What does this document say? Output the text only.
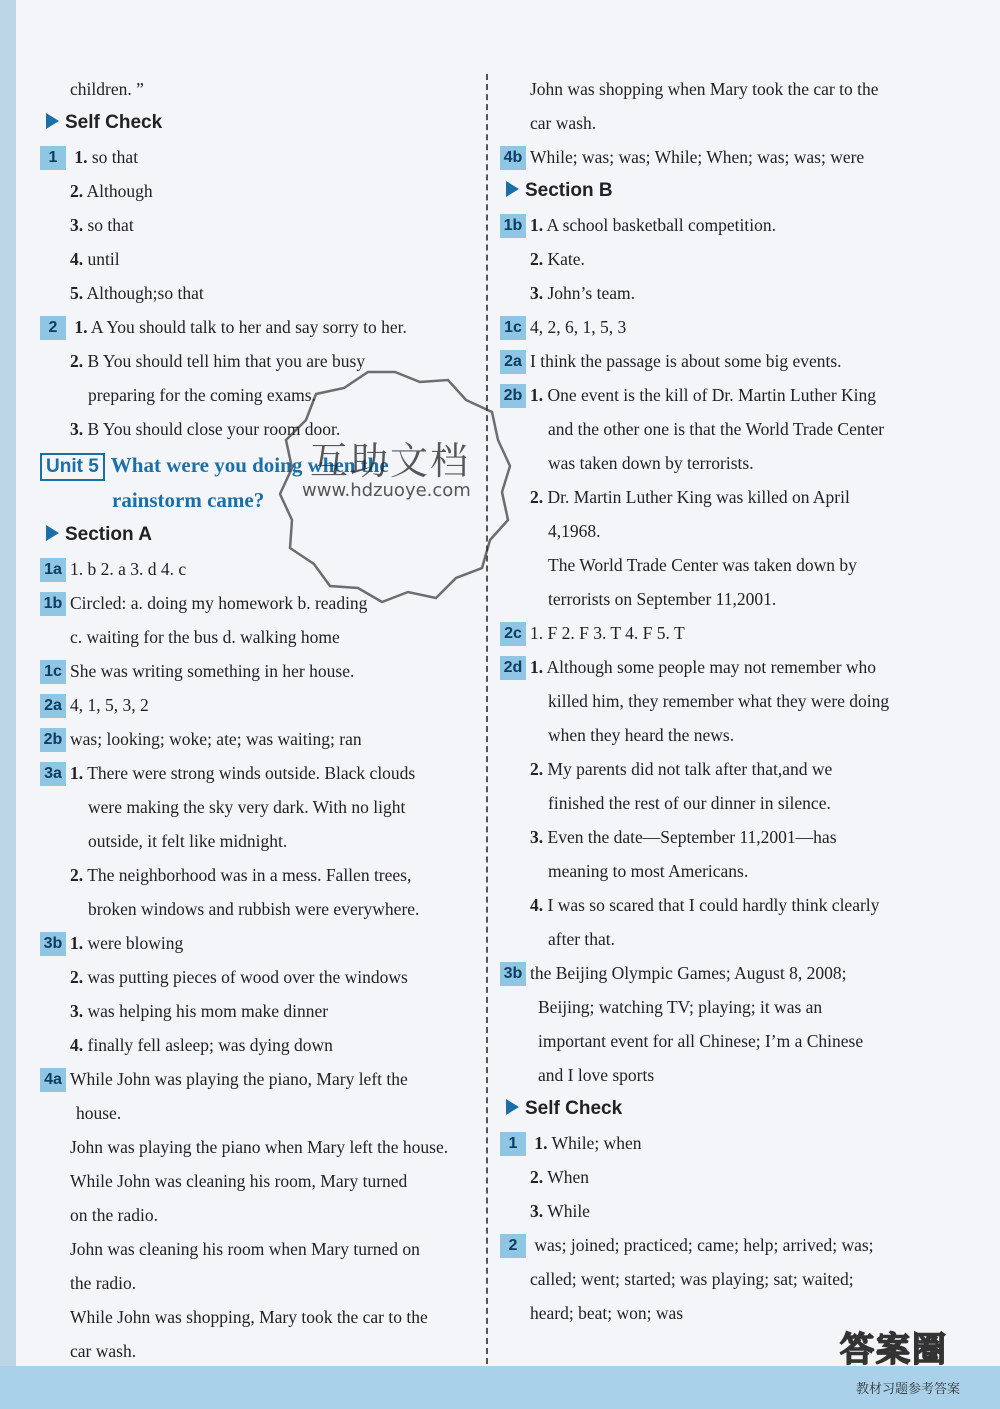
children. ”
Self Check
1 1. so that
2. Although
3. so that
4. until
5. Although;so that
2 1. A You should talk to her and say sorry to her.
2. B You should tell him that you are busy
preparing for the coming exams.
3. B You should close your room door.
Unit 5 What were you doing when the
rainstorm came?
Section A
1a 1. b 2. a 3. d 4. c
1b Circled: a. doing my homework b. reading
c. waiting for the bus d. walking home
1c She was writing something in her house.
2a 4, 1, 5, 3, 2
2b was; looking; woke; ate; was waiting; ran
3a 1. There were strong winds outside. Black clouds
were making the sky very dark. With no light
outside, it felt like midnight.
2. The neighborhood was in a mess. Fallen trees,
broken windows and rubbish were everywhere.
3b 1. were blowing
2. was putting pieces of wood over the windows
3. was helping his mom make dinner
4. finally fell asleep; was dying down
4a While John was playing the piano, Mary left the
house.
John was playing the piano when Mary left the house.
While John was cleaning his room, Mary turned
on the radio.
John was cleaning his room when Mary turned on
the radio.
While John was shopping, Mary took the car to the
car wash.
John was shopping when Mary took the car to the
car wash.
4b While; was; was; While; When; was; was; were
Section B
1b 1. A school basketball competition.
2. Kate.
3. John’s team.
1c 4, 2, 6, 1, 5, 3
2a I think the passage is about some big events.
2b 1. One event is the kill of Dr. Martin Luther King
and the other one is that the World Trade Center
was taken down by terrorists.
2. Dr. Martin Luther King was killed on April
4,1968.
The World Trade Center was taken down by
terrorists on September 11,2001.
2c 1. F 2. F 3. T 4. F 5. T
2d 1. Although some people may not remember who
killed him, they remember what they were doing
when they heard the news.
2. My parents did not talk after that,and we
finished the rest of our dinner in silence.
3. Even the date—September 11,2001—has
meaning to most Americans.
4. I was so scared that I could hardly think clearly
after that.
3b the Beijing Olympic Games; August 8, 2008;
Beijing; watching TV; playing; it was an
important event for all Chinese; I’m a Chinese
and I love sports
Self Check
1 1. While; when
2. When
3. While
2 was; joined; practiced; came; help; arrived; was;
called; went; started; was playing; sat; waited;
heard; beat; won; was
互助文档
www.hdzuoye.com
教材习题参考答案
答案圈
